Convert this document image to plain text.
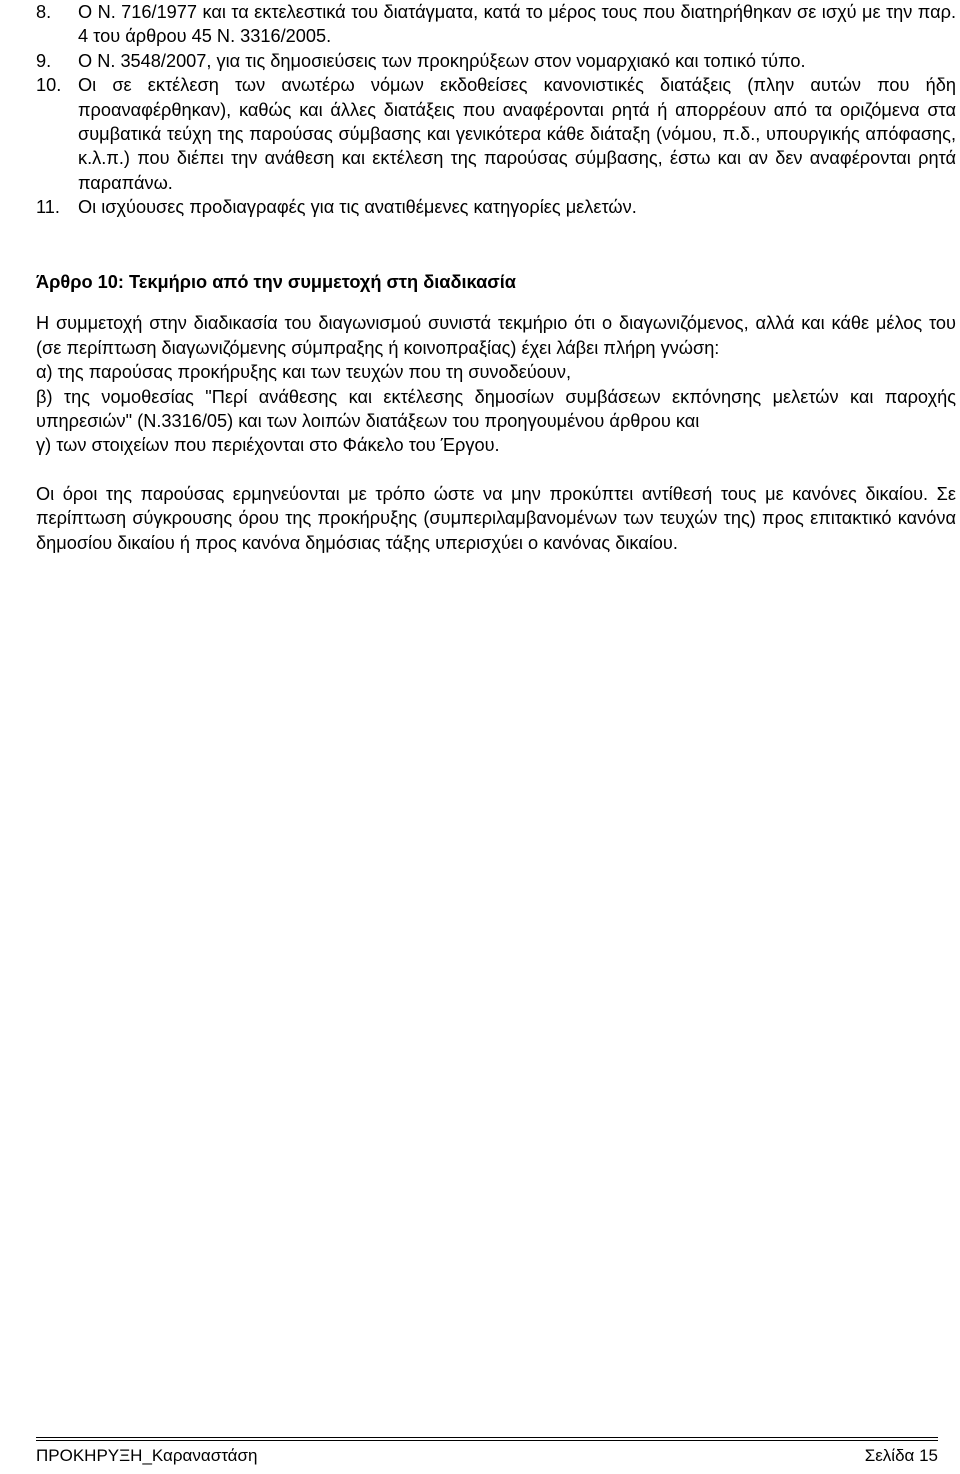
8. Ο Ν. 716/1977 και τα εκτελεστικά του διατάγματα, κατά το μέρος τους που διατηρήθηκαν σε ισχύ με την παρ. 4 του άρθρου 45 Ν. 3316/2005.
9. Ο Ν. 3548/2007, για τις δημοσιεύσεις των προκηρύξεων στον νομαρχιακό και τοπικό τύπο.
10. Οι σε εκτέλεση των ανωτέρω νόμων εκδοθείσες κανονιστικές διατάξεις (πλην αυτών που ήδη προαναφέρθηκαν), καθώς και άλλες διατάξεις που αναφέρονται ρητά ή απορρέουν από τα οριζόμενα στα συμβατικά τεύχη της παρούσας σύμβασης και γενικότερα κάθε διάταξη (νόμου, π.δ., υπουργικής απόφασης, κ.λ.π.) που διέπει την ανάθεση και εκτέλεση της παρούσας σύμβασης, έστω και αν δεν αναφέρονται ρητά παραπάνω.
11. Οι ισχύουσες προδιαγραφές για τις ανατιθέμενες κατηγορίες μελετών.

Άρθρο 10: Τεκμήριο από την συμμετοχή στη διαδικασία

Η συμμετοχή στην διαδικασία του διαγωνισμού συνιστά τεκμήριο ότι ο διαγωνιζόμενος, αλλά και κάθε μέλος του (σε περίπτωση διαγωνιζόμενης σύμπραξης ή κοινοπραξίας) έχει λάβει πλήρη γνώση:

α) της παρούσας προκήρυξης και των τευχών που τη συνοδεύουν,

β) της νομοθεσίας "Περί ανάθεσης και εκτέλεσης δημοσίων συμβάσεων εκπόνησης μελετών και παροχής υπηρεσιών" (Ν.3316/05) και των λοιπών διατάξεων του προηγουμένου άρθρου και

γ) των στοιχείων που περιέχονται στο Φάκελο του Έργου.

Οι όροι της παρούσας ερμηνεύονται με τρόπο ώστε να μην προκύπτει αντίθεσή τους με κανόνες δικαίου. Σε περίπτωση σύγκρουσης όρου της προκήρυξης (συμπεριλαμβανομένων των τευχών της) προς επιτακτικό κανόνα δημοσίου δικαίου ή προς κανόνα δημόσιας τάξης υπερισχύει ο κανόνας δικαίου.

ΠΡΟΚΗΡΥΞΗ_Καραναστάση	Σελίδα 15
